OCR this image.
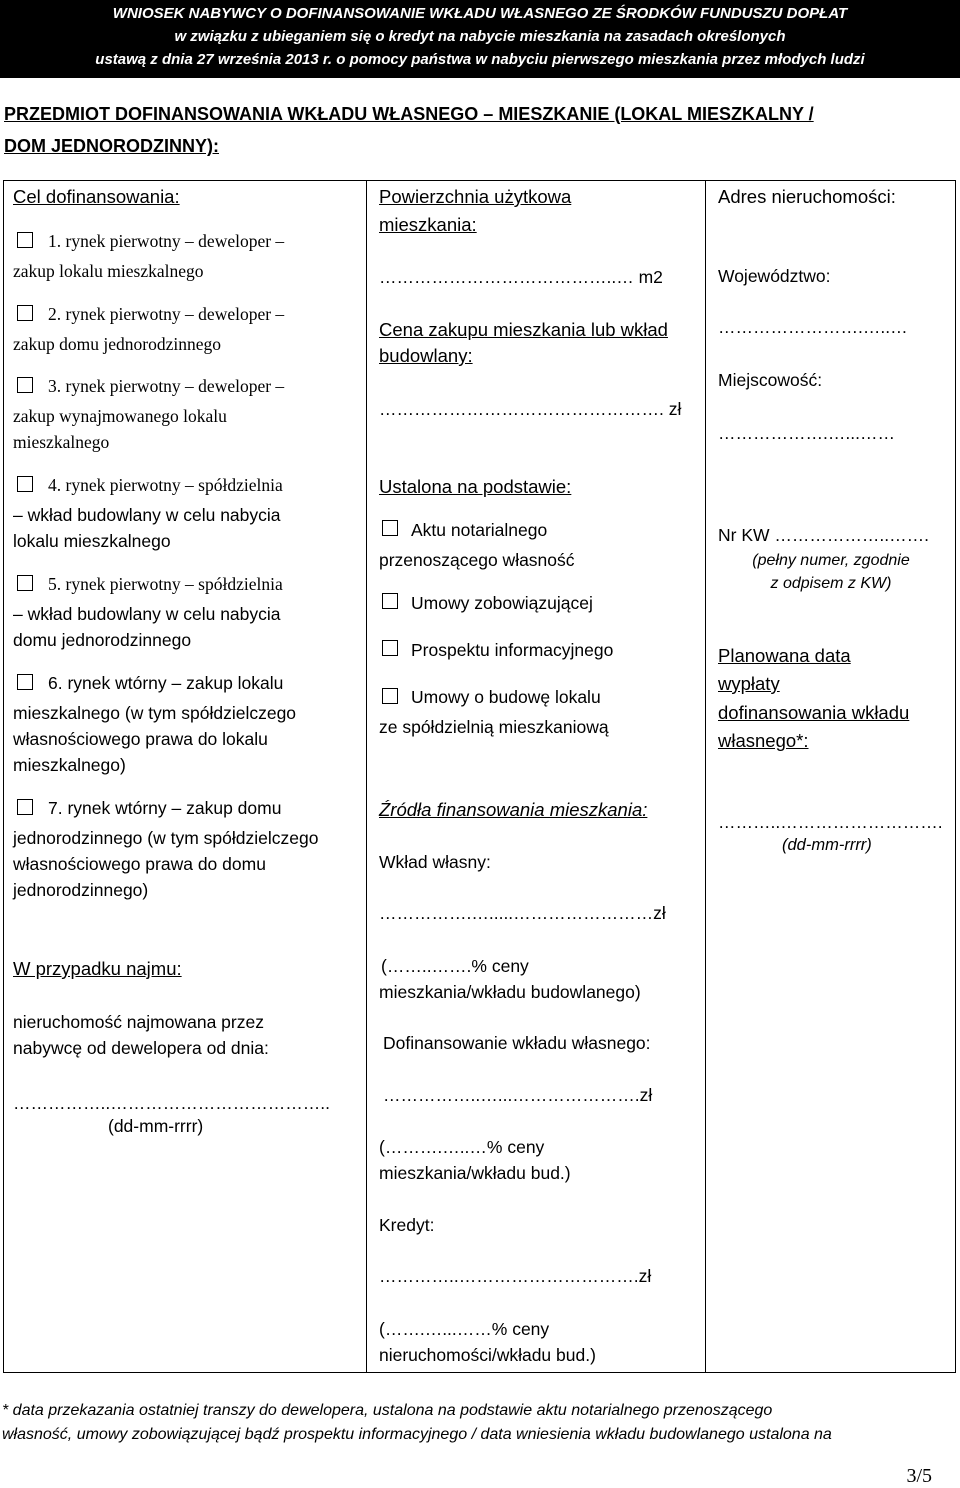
WNIOSEK NABYWCY O DOFINANSOWANIE WKŁADU WŁASNEGO ZE ŚRODKÓW FUNDUSZU DOPŁAT
w związku z ubieganiem się o kredyt na nabycie mieszkania na zasadach określonych
ustawą z dnia 27 września 2013 r. o pomocy państwa w nabyciu pierwszego mieszkania przez młodych ludzi
PRZEDMIOT DOFINANSOWANIA WKŁADU WŁASNEGO – MIESZKANIE (LOKAL MIESZKALNY /
DOM JEDNORODZINNY):
Cel dofinansowania:
1. rynek pierwotny – deweloper –
zakup lokalu mieszkalnego
2. rynek pierwotny – deweloper –
zakup domu jednorodzinnego
3. rynek pierwotny – deweloper –
zakup wynajmowanego lokalu
mieszkalnego
4. rynek pierwotny – spółdzielnia
– wkład budowlany w celu nabycia
lokalu mieszkalnego
5. rynek pierwotny – spółdzielnia
– wkład budowlany w celu nabycia
domu jednorodzinnego
6. rynek wtórny – zakup lokalu
mieszkalnego (w tym spółdzielczego
własnościowego prawa do lokalu
mieszkalnego)
7. rynek wtórny – zakup domu
jednorodzinnego (w tym spółdzielczego
własnościowego prawa do domu
jednorodzinnego)
W przypadku najmu:
nieruchomość najmowana przez
nabywcę od dewelopera od dnia:
……………..………………………………..
(dd-mm-rrrr)
Powierzchnia użytkowa
mieszkania:
…………………………………..… m2
Cena zakupu mieszkania lub wkład
budowlany:
…………………………………………. zł
Ustalona na podstawie:
Aktu notarialnego
przenoszącego własność
Umowy zobowiązującej
Prospektu informacyjnego
Umowy o budowę lokalu
ze spółdzielnią mieszkaniową
Źródła finansowania mieszkania:
Wkład własny:
…………….….....……………………zł
(……..…….% ceny
mieszkania/wkładu budowlanego)
Dofinansowanie wkładu własnego:
……………..…...………………….zł
(……….…..…% ceny
mieszkania/wkładu bud.)
Kredyt:
…………..………………………….zł
(…….…...……% ceny
nieruchomości/wkładu bud.)
Adres nieruchomości:
Województwo:
…………………….…..…
Miejscowość:
……………….…...……
Nr KW ………………..…….
(pełny numer, zgodnie
z odpisem z KW)
Planowana data
wypłaty
dofinansowania wkładu
własnego*:
………..……………………….
(dd-mm-rrrr)
* data przekazania ostatniej transzy do dewelopera, ustalona na podstawie aktu notarialnego przenoszącego
własność, umowy zobowiązującej bądź prospektu informacyjnego / data wniesienia wkładu budowlanego ustalona na
3/5
